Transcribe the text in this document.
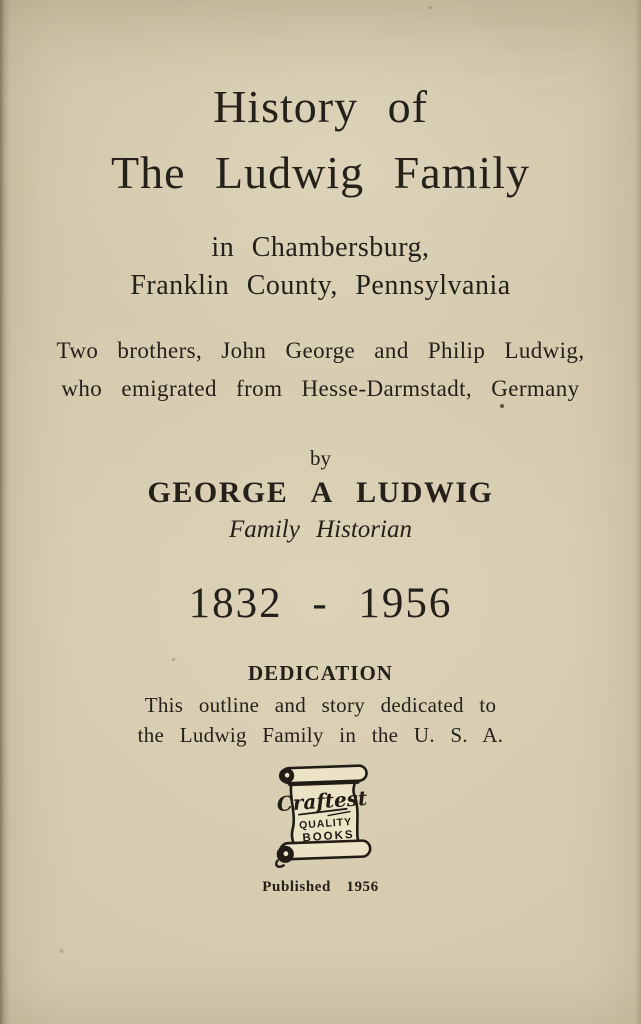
History of
The Ludwig Family
in Chambersburg,
Franklin County, Pennsylvania
Two brothers, John George and Philip Ludwig,
who emigrated from Hesse-Darmstadt, Germany
by
GEORGE A LUDWIG
Family Historian
1832 - 1956
DEDICATION
This outline and story dedicated to
the Ludwig Family in the U. S. A.
Craftest
QUALITY
BOOKS
Published 1956
